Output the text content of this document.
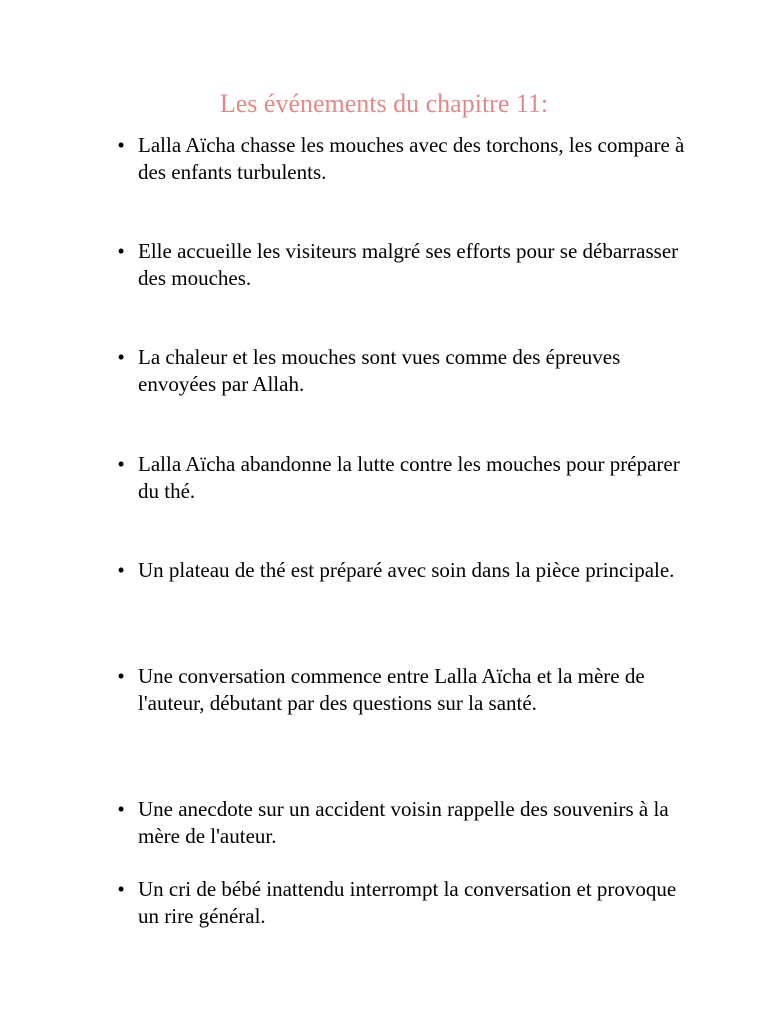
Les événements du chapitre 11:

• Lalla Aïcha chasse les mouches avec des torchons, les compare à des enfants turbulents.

• Elle accueille les visiteurs malgré ses efforts pour se débarrasser des mouches.

• La chaleur et les mouches sont vues comme des épreuves envoyées par Allah.

• Lalla Aïcha abandonne la lutte contre les mouches pour préparer du thé.

• Un plateau de thé est préparé avec soin dans la pièce principale.

• Une conversation commence entre Lalla Aïcha et la mère de l'auteur, débutant par des questions sur la santé.

• Une anecdote sur un accident voisin rappelle des souvenirs à la mère de l'auteur.

• Un cri de bébé inattendu interrompt la conversation et provoque un rire général.
